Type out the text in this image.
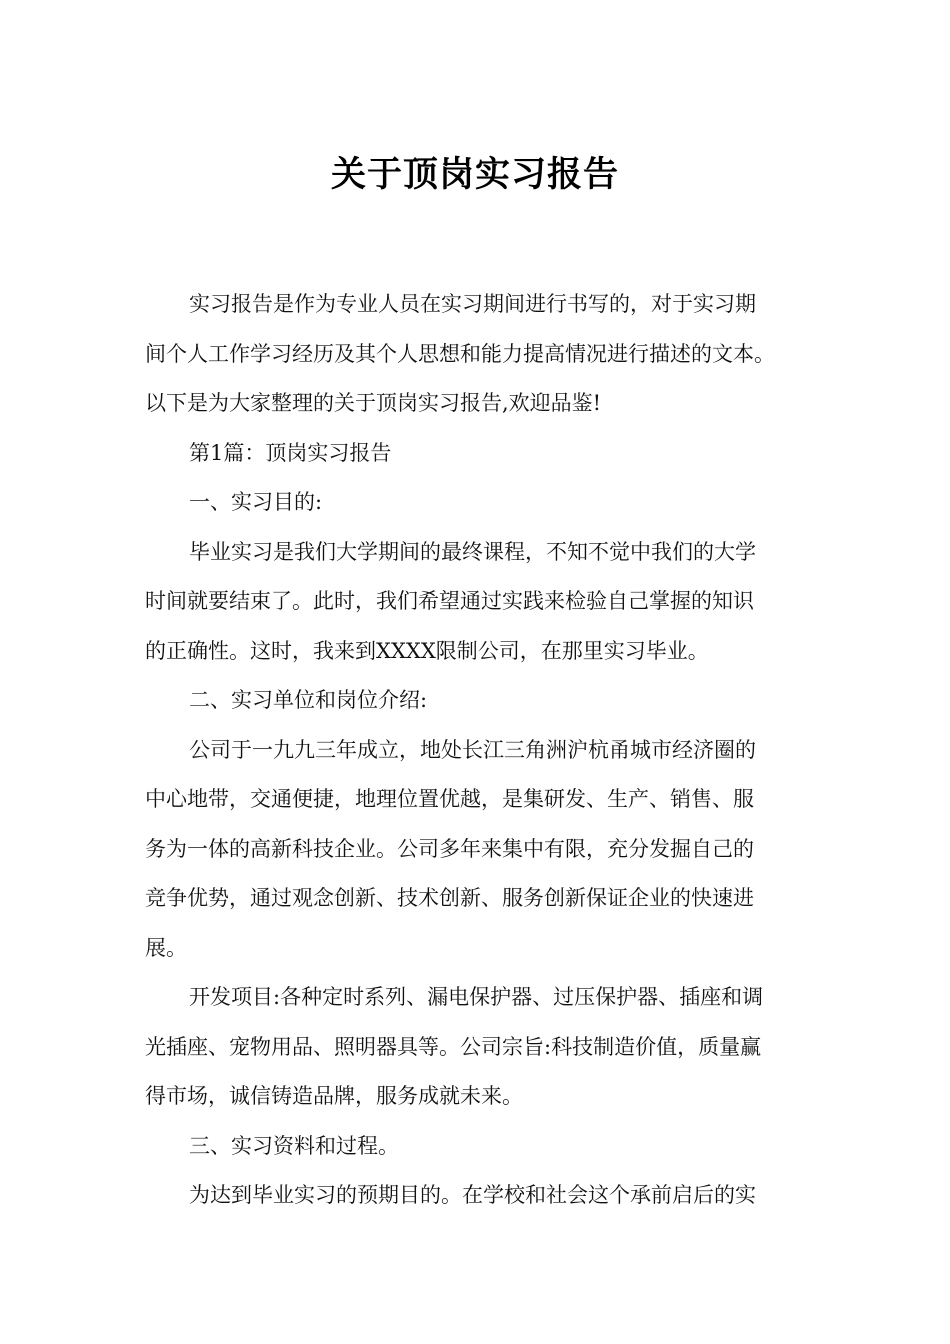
关于顶岗实习报告
实习报告是作为专业人员在实习期间进行书写的，对于实习期
间个人工作学习经历及其个人思想和能力提高情况进行描述的文本。
以下是为大家整理的关于顶岗实习报告,欢迎品鉴!
第1篇：顶岗实习报告
一、实习目的:
毕业实习是我们大学期间的最终课程，不知不觉中我们的大学
时间就要结束了。此时，我们希望通过实践来检验自己掌握的知识
的正确性。这时，我来到XXXX限制公司，在那里实习毕业。
二、实习单位和岗位介绍:
公司于一九九三年成立，地处长江三角洲沪杭甬城市经济圈的
中心地带，交通便捷，地理位置优越，是集研发、生产、销售、服
务为一体的高新科技企业。公司多年来集中有限，充分发掘自己的
竞争优势，通过观念创新、技术创新、服务创新保证企业的快速进
展。
开发项目:各种定时系列、漏电保护器、过压保护器、插座和调
光插座、宠物用品、照明器具等。公司宗旨:科技制造价值，质量赢
得市场，诚信铸造品牌，服务成就未来。
三、实习资料和过程。
为达到毕业实习的预期目的。在学校和社会这个承前启后的实
